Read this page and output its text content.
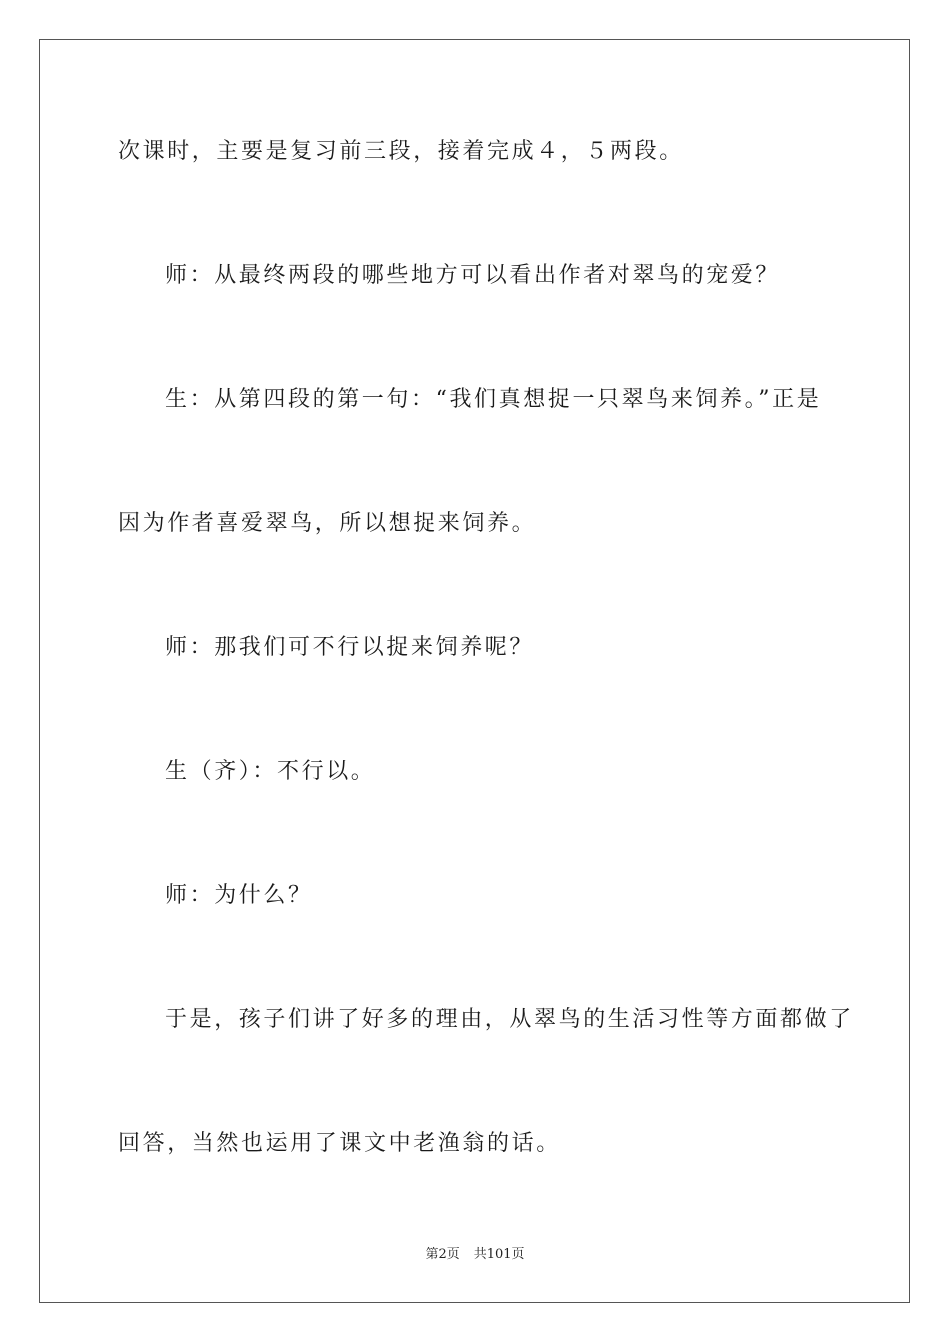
次课时，主要是复习前三段，接着完成４，５两段。
师：从最终两段的哪些地方可以看出作者对翠鸟的宠爱？
生：从第四段的第一句：“我们真想捉一只翠鸟来饲养。”正是
因为作者喜爱翠鸟，所以想捉来饲养。
师：那我们可不行以捉来饲养呢？
生（齐）：不行以。
师：为什么？
于是，孩子们讲了好多的理由，从翠鸟的生活习性等方面都做了
回答，当然也运用了课文中老渔翁的话。
第2页 共101页
